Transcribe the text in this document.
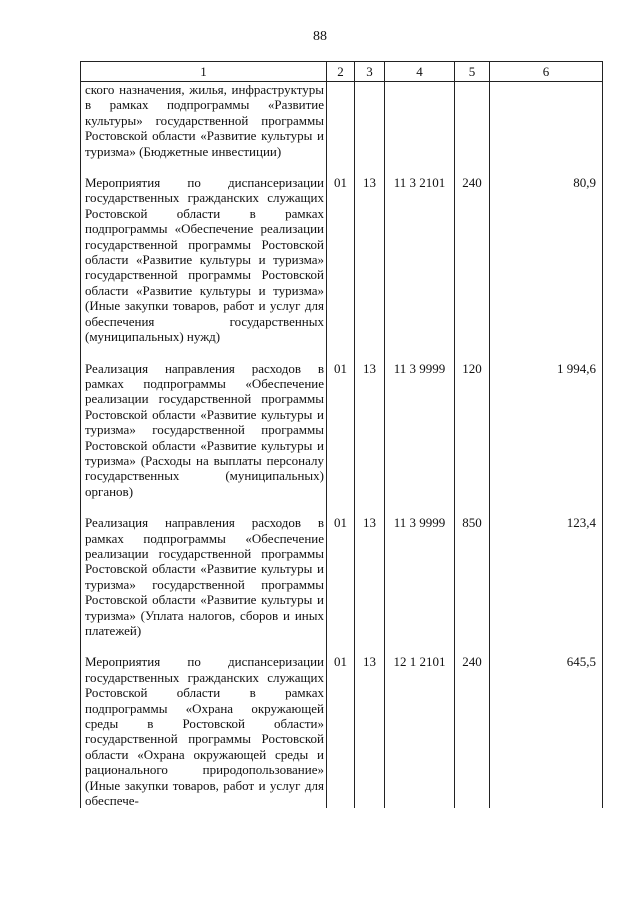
88
1	2	3	4	5	6
ского назначения, жилья, инфраструктуры в рамках подпрограммы «Развитие культуры» государственной программы Ростовской области «Развитие культуры и туризма» (Бюджетные инвестиции)					

Мероприятия по диспансеризации государственных гражданских служащих Ростовской области в рамках подпрограммы «Обеспечение реализации государственной программы Ростовской области «Развитие культуры и туризма» государственной программы Ростовской области «Развитие культуры и туризма» (Иные закупки товаров, работ и услуг для обеспечения государственных (муниципальных) нужд)	01	13	11 3 2101	240	80,9

Реализация направления расходов в рамках подпрограммы «Обеспечение реализации государственной программы Ростовской области «Развитие культуры и туризма» государственной программы Ростовской области «Развитие культуры и туризма» (Расходы на выплаты персоналу государственных (муниципальных) органов)	01	13	11 3 9999	120	1 994,6

Реализация направления расходов в рамках подпрограммы «Обеспечение реализации государственной программы Ростовской области «Развитие культуры и туризма» государственной программы Ростовской области «Развитие культуры и туризма» (Уплата налогов, сборов и иных платежей)	01	13	11 3 9999	850	123,4

Мероприятия по диспансеризации государственных гражданских служащих Ростовской области в рамках подпрограммы «Охрана окружающей среды в Ростовской области» государственной программы Ростовской области «Охрана окружающей среды и рационального природопользование» (Иные закупки товаров, работ и услуг для обеспече-	01	13	12 1 2101	240	645,5
